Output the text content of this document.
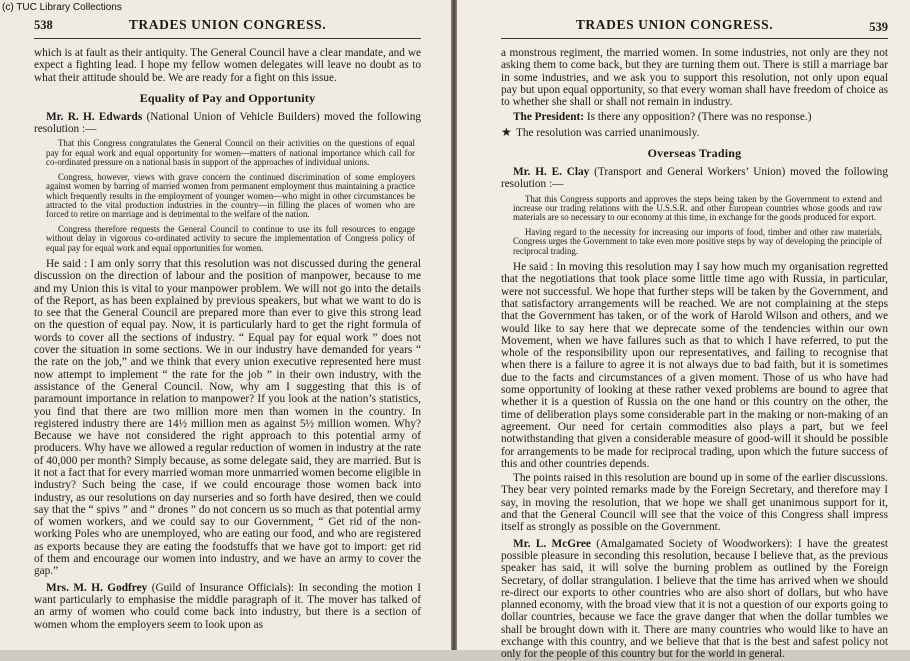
(c) TUC Library Collections
538	TRADES UNION CONGRESS.

which is at fault as their antiquity. The General Council have a clear mandate, and we expect a fighting lead. I hope my fellow women delegates will leave no doubt as to what their attitude should be. We are ready for a fight on this issue.

Equality of Pay and Opportunity

Mr. R. H. Edwards (National Union of Vehicle Builders) moved the following resolution :—

That this Congress congratulates the General Council on their activities on the questions of equal pay for equal work and equal opportunity for women—matters of national importance which call for co-ordinated pressure on a national basis in support of the approaches of individual unions.

Congress, however, views with grave concern the continued discrimination of some employers against women by barring of married women from permanent employment thus maintaining a practice which frequently results in the employment of younger women—who might in other circumstances be attracted to the vital production industries in the country—in filling the places of women who are forced to retire on marriage and is detrimental to the welfare of the nation.

Congress therefore requests the General Council to continue to use its full resources to engage without delay in vigorous co-ordinated activity to secure the implementation of Congress policy of equal pay for equal work and equal opportunities for women.

He said : I am only sorry that this resolution was not discussed during the general discussion on the direction of labour and the position of manpower, because to me and my Union this is vital to your manpower problem. We will not go into the details of the Report, as has been explained by previous speakers, but what we want to do is to see that the General Council are prepared more than ever to give this strong lead on the question of equal pay. Now, it is particularly hard to get the right formula of words to cover all the sections of industry. “ Equal pay for equal work ” does not cover the situation in some sections. We in our industry have demanded for years “ the rate on the job,” and we think that every union executive represented here must now attempt to implement “ the rate for the job ” in their own industry, with the assistance of the General Council. Now, why am I suggesting that this is of paramount importance in relation to manpower? If you look at the nation’s statistics, you find that there are two million more men than women in the country. In registered industry there are 14½ million men as against 5½ million women. Why? Because we have not considered the right approach to this potential army of producers. Why have we allowed a regular reduction of women in industry at the rate of 40,000 per month? Simply because, as some delegate said, they are married. But is it not a fact that for every married woman more unmarried women become eligible in industry? Such being the case, if we could encourage those women back into industry, as our resolutions on day nurseries and so forth have desired, then we could say that the “ spivs ” and “ drones ” do not concern us so much as that potential army of women workers, and we could say to our Government, “ Get rid of the non-working Poles who are unemployed, who are eating our food, and who are registered as exports because they are eating the foodstuffs that we have got to import: get rid of them and encourage our women into industry, and we have an army to cover the gap.”

Mrs. M. H. Godfrey (Guild of Insurance Officials): In seconding the motion I want particularly to emphasise the middle paragraph of it. The mover has talked of an army of women who could come back into industry, but there is a section of women whom the employers seem to look upon as

TRADES UNION CONGRESS.	539

a monstrous regiment, the married women. In some industries, not only are they not asking them to come back, but they are turning them out. There is still a marriage bar in some industries, and we ask you to support this resolution, not only upon equal pay but upon equal opportunity, so that every woman shall have freedom of choice as to whether she shall or shall not remain in industry.

The President: Is there any opposition? (There was no response.)

★ The resolution was carried unanimously.

Overseas Trading

Mr. H. E. Clay (Transport and General Workers’ Union) moved the following resolution :—

That this Congress supports and approves the steps being taken by the Government to extend and increase our trading relations with the U.S.S.R. and other European countries whose goods and raw materials are so necessary to our economy at this time, in exchange for the goods produced for export.

Having regard to the necessity for increasing our imports of food, timber and other raw materials, Congress urges the Government to take even more positive steps by way of developing the principle of reciprocal trading.

He said : In moving this resolution may I say how much my organisation regretted that the negotiations that took place some little time ago with Russia, in particular, were not successful. We hope that further steps will be taken by the Government, and that satisfactory arrangements will be reached. We are not complaining at the steps that the Government has taken, or of the work of Harold Wilson and others, and we would like to say here that we deprecate some of the tendencies within our own Movement, when we have failures such as that to which I have referred, to put the whole of the responsibility upon our representatives, and failing to recognise that when there is a failure to agree it is not always due to bad faith, but it is sometimes due to the facts and circumstances of a given moment. Those of us who have had some opportunity of looking at these rather vexed problems are bound to agree that whether it is a question of Russia on the one hand or this country on the other, the time of deliberation plays some considerable part in the making or non-making of an agreement. Our need for certain commodities also plays a part, but we feel notwithstanding that given a considerable measure of good-will it should be possible for arrangements to be made for reciprocal trading, upon which the future success of this and other countries depends.

The points raised in this resolution are bound up in some of the earlier discussions. They bear very pointed remarks made by the Foreign Secretary, and therefore may I say, in moving the resolution, that we hope we shall get unanimous support for it, and that the General Council will see that the voice of this Congress shall impress itself as strongly as possible on the Government.

Mr. L. McGree (Amalgamated Society of Woodworkers): I have the greatest possible pleasure in seconding this resolution, because I believe that, as the previous speaker has said, it will solve the burning problem as outlined by the Foreign Secretary, of dollar strangulation. I believe that the time has arrived when we should re-direct our exports to other countries who are also short of dollars, but who have planned economy, with the broad view that it is not a question of our exports going to dollar countries, because we face the grave danger that when the dollar tumbles we shall be brought down with it. There are many countries who would like to have an exchange with this country, and we believe that that is the best and safest policy not only for the people of this country but for the world in general.
